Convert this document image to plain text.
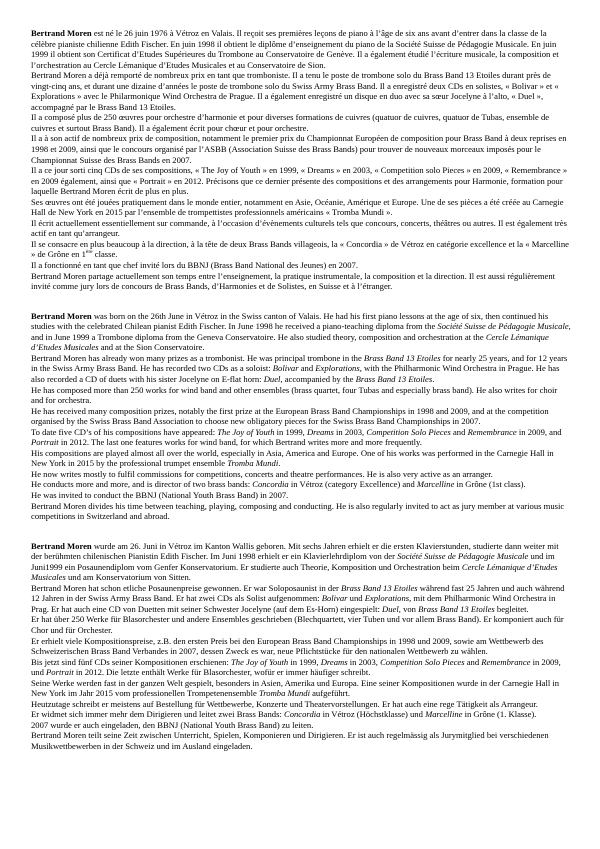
Bertrand Moren est né le 26 juin 1976 à Vétroz en Valais. Il reçoit ses premières leçons de piano à l’âge de six ans avant d’entrer dans la classe de la célèbre pianiste chilienne Edith Fischer. En juin 1998 il obtient le diplôme d’enseignement du piano de la Société Suisse de Pédagogie Musicale. En juin 1999 il obtient son Certificat d’Etudes Supérieures du Trombone au Conservatoire de Genève. Il a également étudié l’écriture musicale, la composition et l’orchestration au Cercle Lémanique d’Etudes Musicales et au Conservatoire de Sion.

Bertrand Moren a déjà remporté de nombreux prix en tant que tromboniste. Il a tenu le poste de trombone solo du Brass Band 13 Etoiles durant près de vingt-cinq ans, et durant une dizaine d’années le poste de trombone solo du Swiss Army Brass Band. Il a enregistré deux CDs en solistes, « Bolivar » et « Explorations » avec le Philarmonique Wind Orchestra de Prague. Il a également enregistré un disque en duo avec sa sœur Jocelyne à l’alto, « Duel », accompagné par le Brass Band 13 Etoiles.

Il a composé plus de 250 œuvres pour orchestre d’harmonie et pour diverses formations de cuivres (quatuor de cuivres, quatuor de Tubas, ensemble de cuivres et surtout Brass Band). Il a également écrit pour chœur et pour orchestre.

Il a à son actif de nombreux prix de composition, notamment le premier prix du Championnat Européen de composition pour Brass Band à deux reprises en 1998 et 2009, ainsi que le concours organisé par l’ASBB (Association Suisse des Brass Bands) pour trouver de nouveaux morceaux imposés pour le Championnat Suisse des Brass Bands en 2007.

Il a ce jour sorti cinq CDs de ses compositions, « The Joy of Youth » en 1999, « Dreams » en 2003, « Competition solo Pieces » en 2009, « Remembrance » en 2009 également, ainsi que « Portrait » en 2012. Précisons que ce dernier présente des compositions et des arrangements pour Harmonie, formation pour laquelle Bertrand Moren écrit de plus en plus.

Ses œuvres ont été jouées pratiquement dans le monde entier, notamment en Asie, Océanie, Amérique et Europe. Une de ses pièces a été créée au Carnegie Hall de New York en 2015 par l’ensemble de trompettistes professionnels américains « Tromba Mundi ».

Il écrit actuellement essentiellement sur commande, à l’occasion d’évènements culturels tels que concours, concerts, théâtres ou autres. Il est également très actif en tant qu’arrangeur.

Il se consacre en plus beaucoup à la direction, à la tête de deux Brass Bands villageois, la « Concordia » de Vétroz en catégorie excellence et la « Marcelline » de Grône en 1ère classe.

Il a fonctionné en tant que chef invité lors du BBNJ (Brass Band National des Jeunes) en 2007.

Bertrand Moren partage actuellement son temps entre l’enseignement, la pratique instrumentale, la composition et la direction. Il est aussi régulièrement invité comme jury lors de concours de Brass Bands, d’Harmonies et de Solistes, en Suisse et à l’étranger.

Bertrand Moren was born on the 26th June in Vétroz in the Swiss canton of Valais. He had his first piano lessons at the age of six, then continued his studies with the celebrated Chilean pianist Edith Fischer. In June 1998 he received a piano-teaching diploma from the Société Suisse de Pédagogie Musicale, and in June 1999 a Trombone diploma from the Geneva Conservatoire. He also studied theory, composition and orchestration at the Cercle Lémanique d’Etudes Musicales and at the Sion Conservatoire.

Bertrand Moren has already won many prizes as a trombonist. He was principal trombone in the Brass Band 13 Etoiles for nearly 25 years, and for 12 years in the Swiss Army Brass Band. He has recorded two CDs as a soloist: Bolivar and Explorations, with the Philharmonic Wind Orchestra in Prague. He has also recorded a CD of duets with his sister Jocelyne on E-flat horn: Duel, accompanied by the Brass Band 13 Etoiles.

He has composed more than 250 works for wind band and other ensembles (brass quartet, four Tubas and especially brass band). He also writes for choir and for orchestra.

He has received many composition prizes, notably the first prize at the European Brass Band Championships in 1998 and 2009, and at the competition organised by the Swiss Brass Band Association to choose new obligatory pieces for the Swiss Brass Band Championships in 2007.

To date five CD’s of his compositions have appeared: The Joy of Youth in 1999, Dreams in 2003, Competition Solo Pieces and Remembrance in 2009, and Portrait in 2012. The last one features works for wind band, for which Bertrand writes more and more frequently.

His compositions are played almost all over the world, especially in Asia, America and Europe. One of his works was performed in the Carnegie Hall in New York in 2015 by the professional trumpet ensemble Tromba Mundi.

He now writes mostly to fulfil commissions for competitions, concerts and theatre performances. He is also very active as an arranger.

He conducts more and more, and is director of two brass bands: Concordia in Vétroz (category Excellence) and Marcelline in Grône (1st class).

He was invited to conduct the BBNJ (National Youth Brass Band) in 2007.

Bertrand Moren divides his time between teaching, playing, composing and conducting. He is also regularly invited to act as jury member at various music competitions in Switzerland and abroad.

Bertrand Moren wurde am 26. Juni in Vétroz im Kanton Wallis geboren. Mit sechs Jahren erhielt er die ersten Klavierstunden, studierte dann weiter mit der berühmten chilenischen Pianistin Edith Fischer. Im Juni 1998 erhielt er ein Klavierlehrdiplom von der Société Suisse de Pédagogie Musicale und im Juni1999 ein Posaunendiplom vom Genfer Konservatorium. Er studierte auch Theorie, Komposition und Orchestration beim Cercle Lémanique d’Etudes Musicales und am Konservatorium von Sitten.

Bertrand Moren hat schon etliche Posaunenpreise gewonnen. Er war Soloposaunist in der Brass Band 13 Etoiles während fast 25 Jahren und auch während 12 Jahren in der Swiss Army Brass Band. Er hat zwei CDs als Solist aufgenommen: Bolivar und Explorations, mit dem Philharmonic Wind Orchestra in Prag. Er hat auch eine CD von Duetten mit seiner Schwester Jocelyne (auf dem Es-Horn) eingespielt: Duel, von Brass Band 13 Etoiles begleitet.

Er hat über 250 Werke für Blasorchester und andere Ensembles geschrieben (Blechquartett, vier Tuben und vor allem Brass Band). Er komponiert auch für Chor und für Orchester.

Er erhielt viele Kompositionspreise, z.B. den ersten Preis bei den European Brass Band Championships in 1998 und 2009, sowie am Wettbewerb des Schweizerischen Brass Band Verbandes in 2007, dessen Zweck es war, neue Pflichtstücke für den nationalen Wettbewerb zu wählen.

Bis jetzt sind fünf CDs seiner Kompositionen erschienen: The Joy of Youth in 1999, Dreams in 2003, Competition Solo Pieces and Remembrance in 2009, und Portrait in 2012. Die letzte enthält Werke für Blasorchester, wofür er immer häufiger schreibt.

Seine Werke werden fast in der ganzen Welt gespielt, besonders in Asien, Amerika und Europa. Eine seiner Kompositionen wurde in der Carnegie Hall in New York im Jahr 2015 vom professionellen Trompetenensemble Tromba Mundi aufgeführt.

Heutzutage schreibt er meistens auf Bestellung für Wettbewerbe, Konzerte und Theatervorstellungen. Er hat auch eine rege Tätigkeit als Arrangeur.

Er widmet sich immer mehr dem Dirigieren und leitet zwei Brass Bands: Concordia in Vétroz (Höchstklasse) und Marcelline in Grône (1. Klasse).

2007 wurde er auch eingeladen, den BBNJ (National Youth Brass Band) zu leiten.

Bertrand Moren teilt seine Zeit zwischen Unterricht, Spielen, Komponieren und Dirigieren. Er ist auch regelmässig als Jurymitglied bei verschiedenen Musikwettbewerben in der Schweiz und im Ausland eingeladen.
